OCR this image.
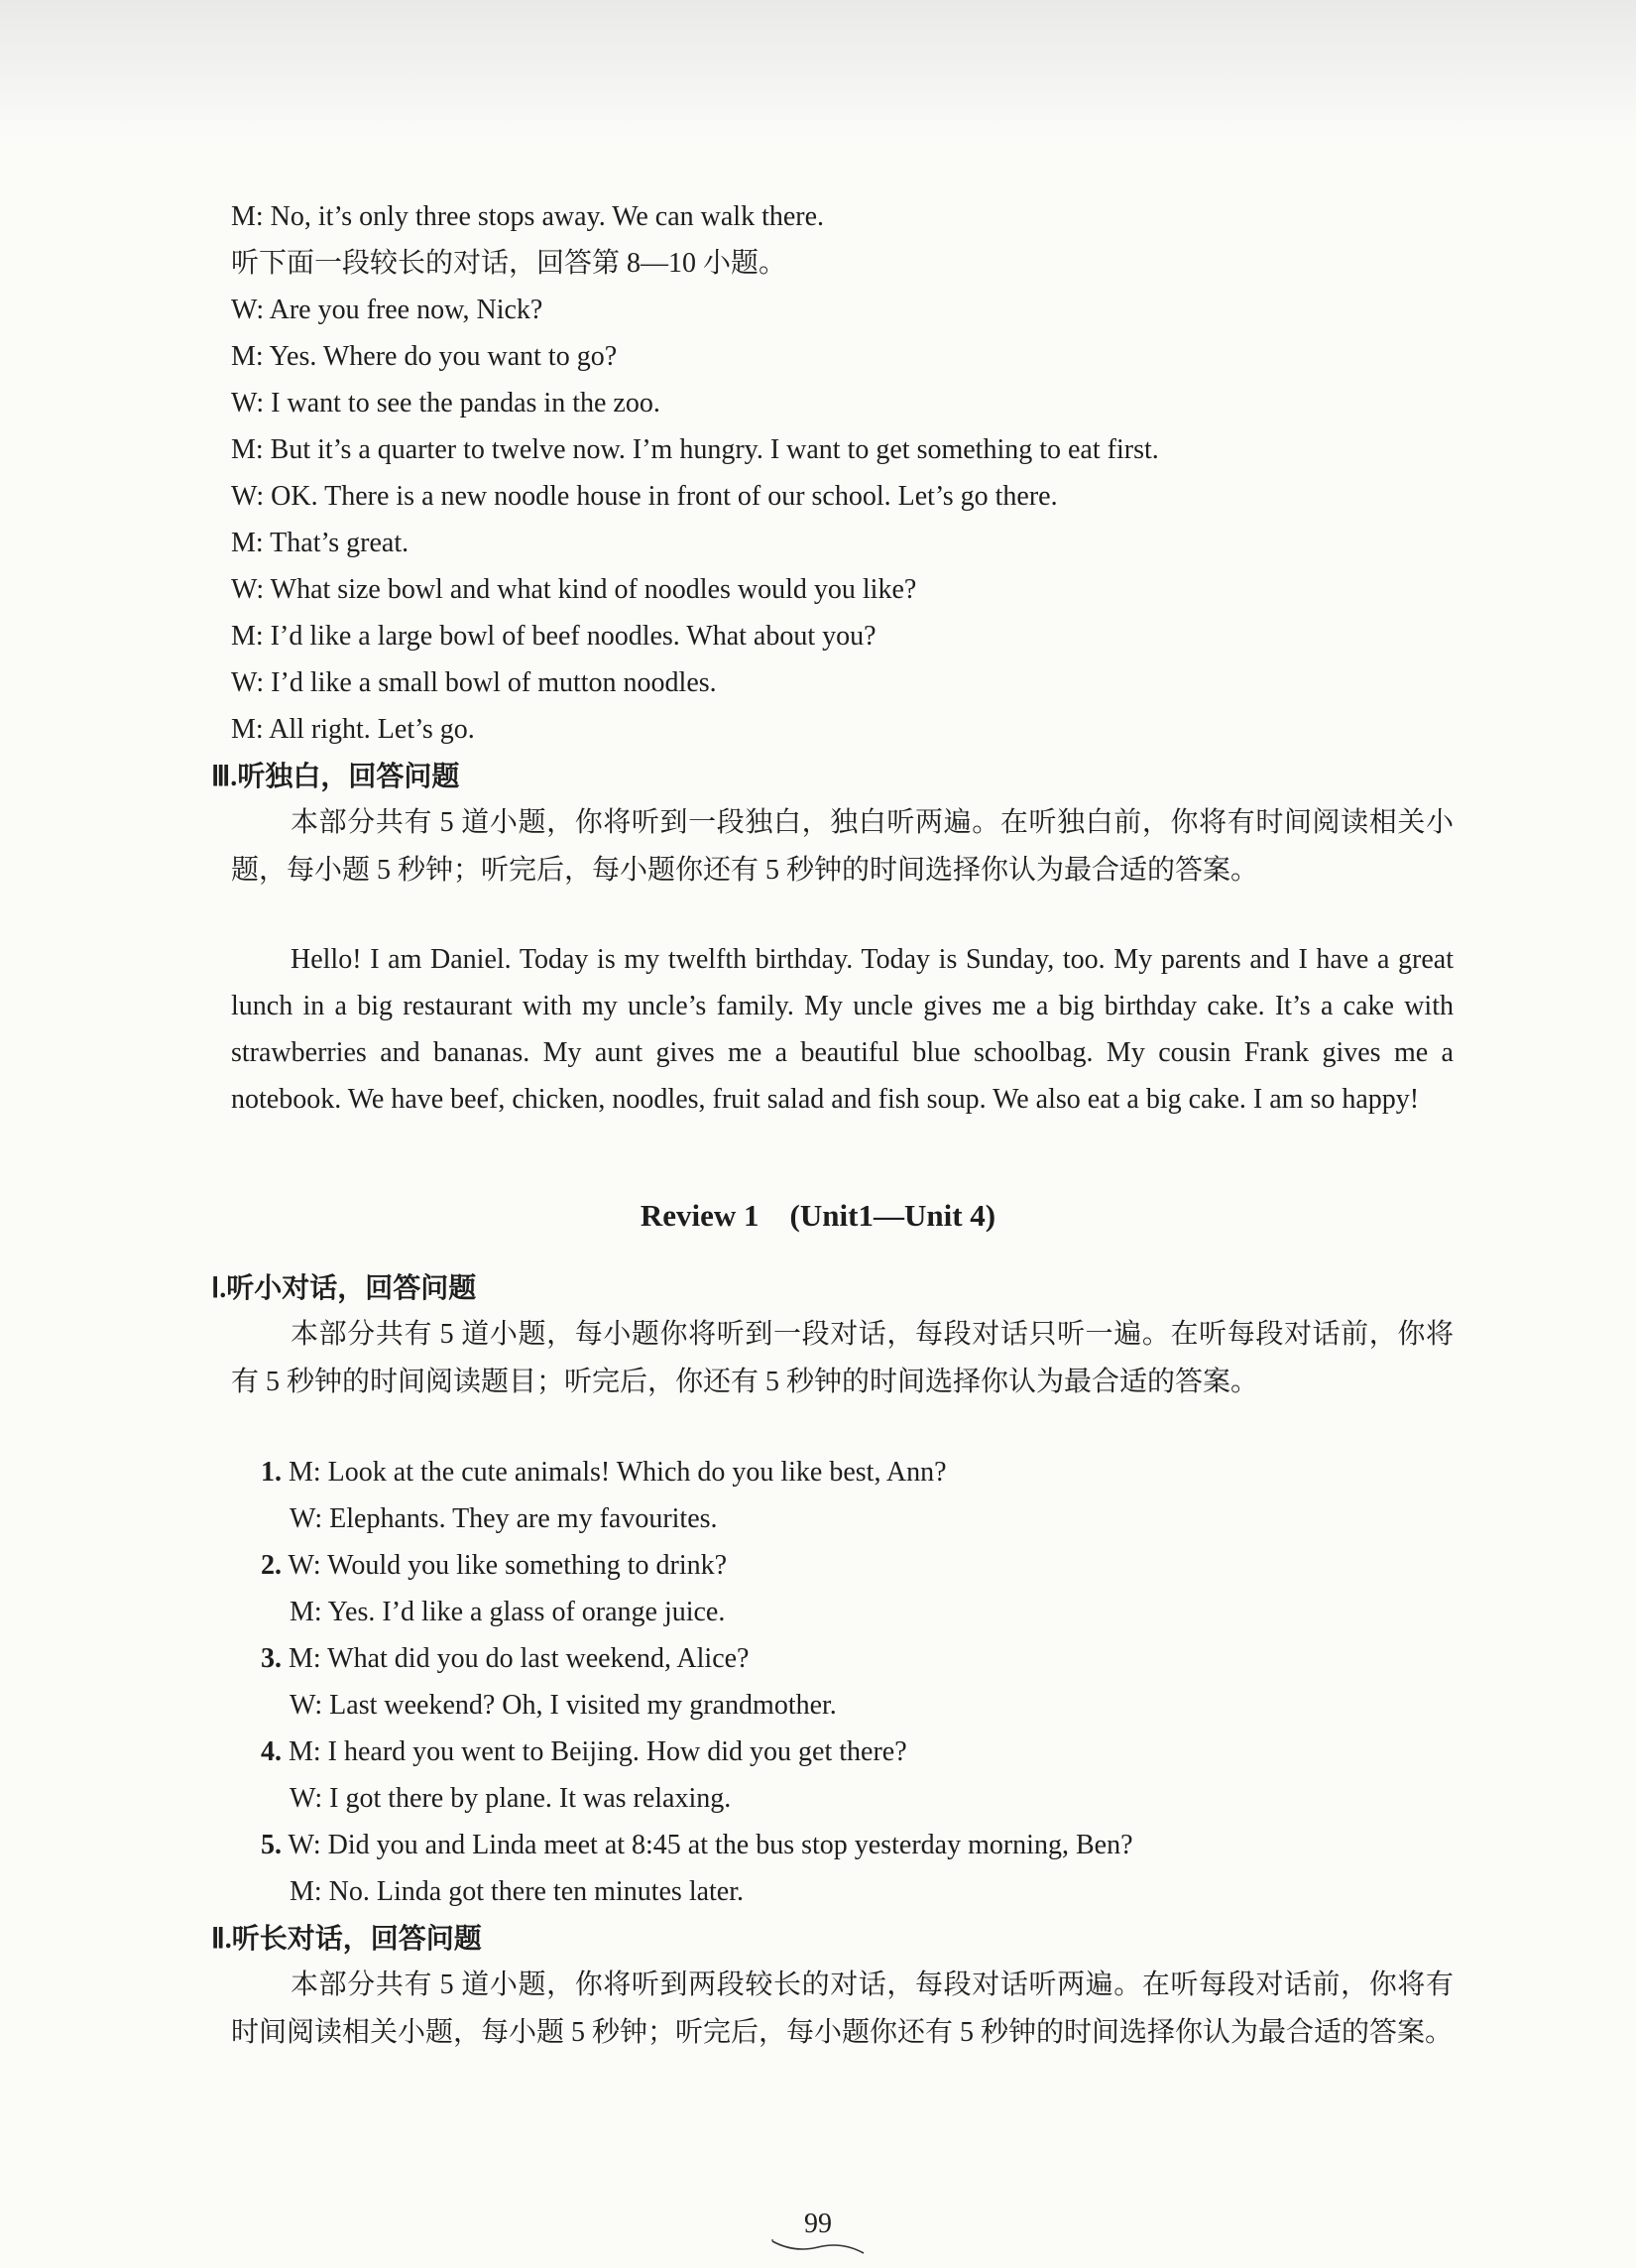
M: No, it’s only three stops away. We can walk there.
听下面一段较长的对话，回答第 8—10 小题。
W: Are you free now, Nick?
M: Yes. Where do you want to go?
W: I want to see the pandas in the zoo.
M: But it’s a quarter to twelve now. I’m hungry. I want to get something to eat first.
W: OK. There is a new noodle house in front of our school. Let’s go there.
M: That’s great.
W: What size bowl and what kind of noodles would you like?
M: I’d like a large bowl of beef noodles. What about you?
W: I’d like a small bowl of mutton noodles.
M: All right. Let’s go.
Ⅲ.听独白，回答问题
本部分共有 5 道小题，你将听到一段独白，独白听两遍。在听独白前，你将有时间阅读相关小题，每小题 5 秒钟；听完后，每小题你还有 5 秒钟的时间选择你认为最合适的答案。
Hello! I am Daniel. Today is my twelfth birthday. Today is Sunday, too. My parents and I have a great lunch in a big restaurant with my uncle’s family. My uncle gives me a big birthday cake. It’s a cake with strawberries and bananas. My aunt gives me a beautiful blue schoolbag. My cousin Frank gives me a notebook. We have beef, chicken, noodles, fruit salad and fish soup. We also eat a big cake. I am so happy!
Review 1    (Unit1—Unit 4)
Ⅰ.听小对话，回答问题
本部分共有 5 道小题，每小题你将听到一段对话，每段对话只听一遍。在听每段对话前，你将有 5 秒钟的时间阅读题目；听完后，你还有 5 秒钟的时间选择你认为最合适的答案。
1. M: Look at the cute animals! Which do you like best, Ann?
W: Elephants. They are my favourites.
2. W: Would you like something to drink?
M: Yes. I’d like a glass of orange juice.
3. M: What did you do last weekend, Alice?
W: Last weekend? Oh, I visited my grandmother.
4. M: I heard you went to Beijing. How did you get there?
W: I got there by plane. It was relaxing.
5. W: Did you and Linda meet at 8:45 at the bus stop yesterday morning, Ben?
M: No. Linda got there ten minutes later.
Ⅱ.听长对话，回答问题
本部分共有 5 道小题，你将听到两段较长的对话，每段对话听两遍。在听每段对话前，你将有时间阅读相关小题，每小题 5 秒钟；听完后，每小题你还有 5 秒钟的时间选择你认为最合适的答案。
99
